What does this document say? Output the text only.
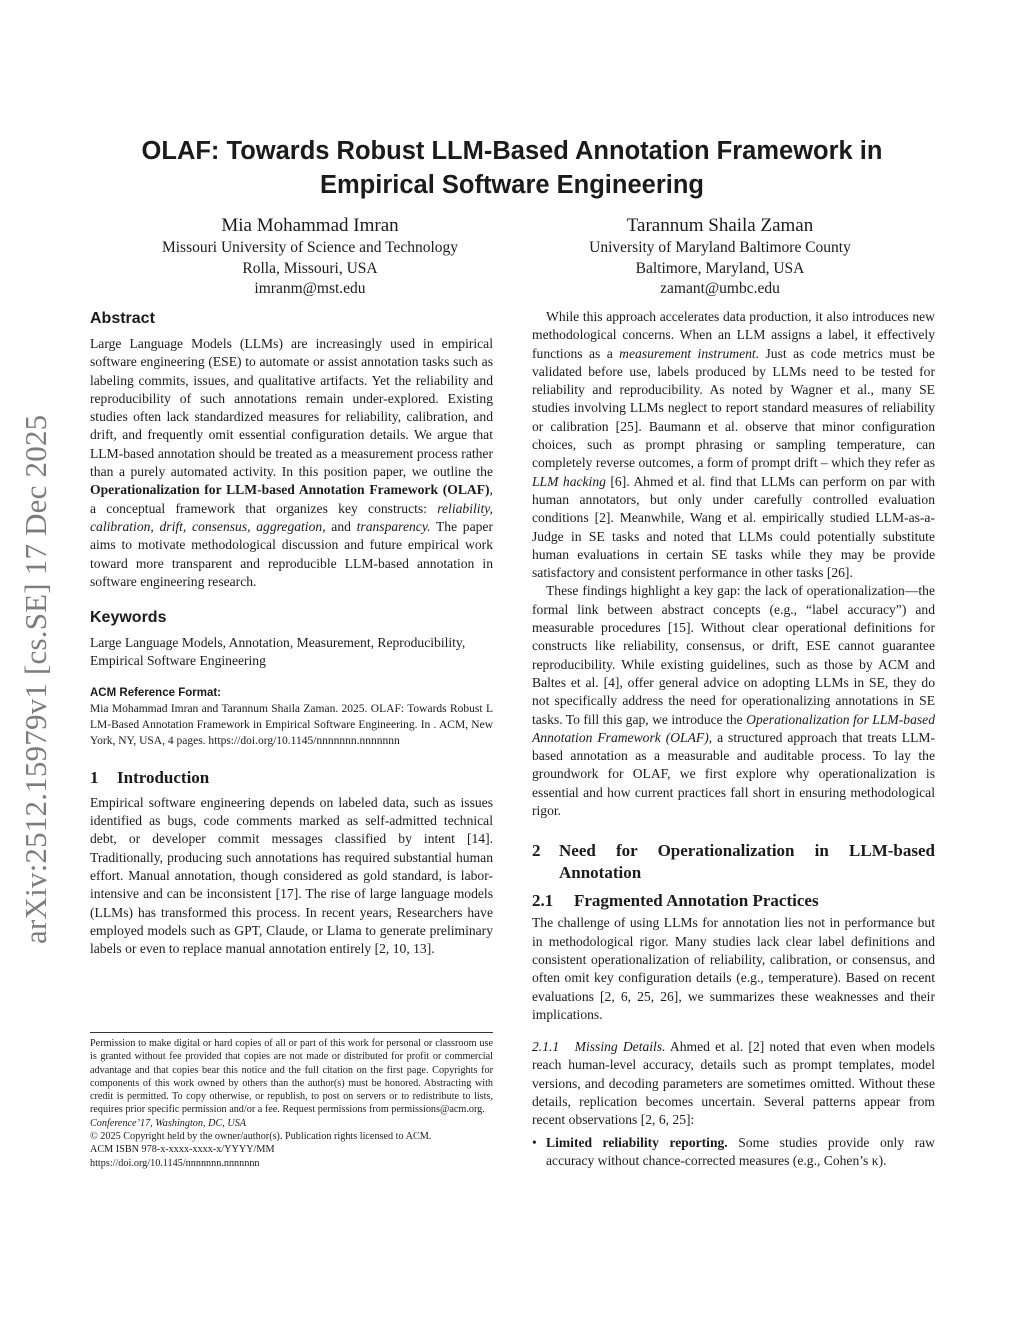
arXiv:2512.15979v1 [cs.SE] 17 Dec 2025
OLAF: Towards Robust LLM-Based Annotation Framework in
Empirical Software Engineering
Mia Mohammad Imran
Missouri University of Science and Technology
Rolla, Missouri, USA
imranm@mst.edu
Tarannum Shaila Zaman
University of Maryland Baltimore County
Baltimore, Maryland, USA
zamant@umbc.edu
Abstract

Large Language Models (LLMs) are increasingly used in empirical software engineering (ESE) to automate or assist annotation tasks such as labeling commits, issues, and qualitative artifacts. Yet the reliability and reproducibility of such annotations remain under-explored. Existing studies often lack standardized measures for reliability, calibration, and drift, and frequently omit essential configuration details. We argue that LLM-based annotation should be treated as a measurement process rather than a purely automated activity. In this position paper, we outline the Operationalization for LLM-based Annotation Framework (OLAF), a conceptual framework that organizes key constructs: reliability, calibration, drift, consensus, aggregation, and transparency. The paper aims to motivate methodological discussion and future empirical work toward more transparent and reproducible LLM-based annotation in software engineering research.

Keywords

Large Language Models, Annotation, Measurement, Reproducibility, Empirical Software Engineering

ACM Reference Format:
Mia Mohammad Imran and Tarannum Shaila Zaman. 2025. OLAF: Towards Robust LLM-Based Annotation Framework in Empirical Software Engineering. In . ACM, New York, NY, USA, 4 pages. https://doi.org/10.1145/nnnnnnn.nnnnnnn
1 Introduction

Empirical software engineering depends on labeled data, such as issues identified as bugs, code comments marked as self-admitted technical debt, or developer commit messages classified by intent [14]. Traditionally, producing such annotations has required substantial human effort. Manual annotation, though considered as gold standard, is labor-intensive and can be inconsistent [17]. The rise of large language models (LLMs) has transformed this process. In recent years, Researchers have employed models such as GPT, Claude, or Llama to generate preliminary labels or even to replace manual annotation entirely [2, 10, 13].

Permission to make digital or hard copies of all or part of this work for personal or classroom use is granted without fee provided that copies are not made or distributed for profit or commercial advantage and that copies bear this notice and the full citation on the first page. Copyrights for components of this work owned by others than the author(s) must be honored. Abstracting with credit is permitted. To copy otherwise, or republish, to post on servers or to redistribute to lists, requires prior specific permission and/or a fee. Request permissions from permissions@acm.org.

Conference’17, Washington, DC, USA

© 2025 Copyright held by the owner/author(s). Publication rights licensed to ACM.

ACM ISBN 978-x-xxxx-xxxx-x/YYYY/MM

https://doi.org/10.1145/nnnnnnn.nnnnnnn

While this approach accelerates data production, it also introduces new methodological concerns. When an LLM assigns a label, it effectively functions as a measurement instrument. Just as code metrics must be validated before use, labels produced by LLMs need to be tested for reliability and reproducibility. As noted by Wagner et al., many SE studies involving LLMs neglect to report standard measures of reliability or calibration [25]. Baumann et al. observe that minor configuration choices, such as prompt phrasing or sampling temperature, can completely reverse outcomes, a form of prompt drift – which they refer as LLM hacking [6]. Ahmed et al. find that LLMs can perform on par with human annotators, but only under carefully controlled evaluation conditions [2]. Meanwhile, Wang et al. empirically studied LLM-as-a-Judge in SE tasks and noted that LLMs could potentially substitute human evaluations in certain SE tasks while they may be provide satisfactory and consistent performance in other tasks [26].

These findings highlight a key gap: the lack of operationalization—the formal link between abstract concepts (e.g., “label accuracy”) and measurable procedures [15]. Without clear operational definitions for constructs like reliability, consensus, or drift, ESE cannot guarantee reproducibility. While existing guidelines, such as those by ACM and Baltes et al. [4], offer general advice on adopting LLMs in SE, they do not specifically address the need for operationalizing annotations in SE tasks. To fill this gap, we introduce the Operationalization for LLM-based Annotation Framework (OLAF), a structured approach that treats LLM-based annotation as a measurable and auditable process. To lay the groundwork for OLAF, we first explore why operationalization is essential and how current practices fall short in ensuring methodological rigor.

2	Need for Operationalization in LLM-based Annotation
2.1 Fragmented Annotation Practices

The challenge of using LLMs for annotation lies not in performance but in methodological rigor. Many studies lack clear label definitions and consistent operationalization of reliability, calibration, or consensus, and often omit key configuration details (e.g., temperature). Based on recent evaluations [2, 6, 25, 26], we summarizes these weaknesses and their implications.

2.1.1   Missing Details. Ahmed et al. [2] noted that even when models reach human-level accuracy, details such as prompt templates, model versions, and decoding parameters are sometimes omitted. Without these details, replication becomes uncertain. Several patterns appear from recent observations [2, 6, 25]:

• Limited reliability reporting. Some studies provide only raw accuracy without chance-corrected measures (e.g., Cohen’s κ).
